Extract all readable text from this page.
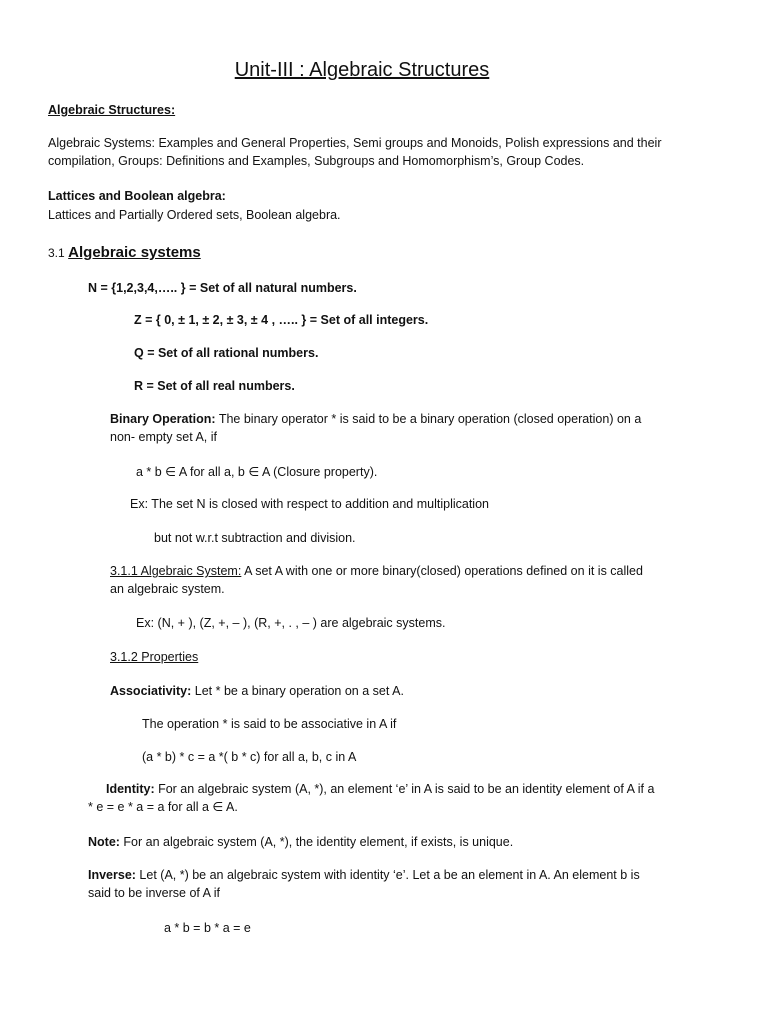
Unit-III : Algebraic Structures
Algebraic Structures:
Algebraic Systems: Examples and General Properties, Semi groups and Monoids, Polish expressions and their compilation, Groups: Definitions and Examples, Subgroups and Homomorphism’s, Group Codes.
Lattices and Boolean algebra:
Lattices and Partially Ordered sets, Boolean algebra.
3.1 Algebraic systems
N = {1,2,3,4,….. } = Set of all natural numbers.
Z = { 0, ± 1, ± 2, ± 3, ± 4 , ….. } = Set of all integers.
Q = Set of all rational numbers.
R = Set of all real numbers.
Binary Operation: The binary operator * is said to be a binary operation (closed operation) on a non- empty set A, if
a * b ∈ A for all a, b ∈ A (Closure property).
Ex: The set N is closed with respect to addition and multiplication
but not w.r.t subtraction and division.
3.1.1 Algebraic System: A set A with one or more binary(closed) operations defined on it is called an algebraic system.
Ex: (N, + ), (Z, +, – ), (R, +, . , – ) are algebraic systems.
3.1.2 Properties
Associativity: Let * be a binary operation on a set A.
The operation * is said to be associative in A if
(a * b) * c = a *( b * c) for all a, b, c in A
Identity: For an algebraic system (A, *), an element ‘e’ in A is said to be an identity element of A if a * e = e * a = a for all a ∈ A.
Note: For an algebraic system (A, *), the identity element, if exists, is unique.
Inverse: Let (A, *) be an algebraic system with identity ‘e’. Let a be an element in A. An element b is said to be inverse of A if
a * b = b * a = e
